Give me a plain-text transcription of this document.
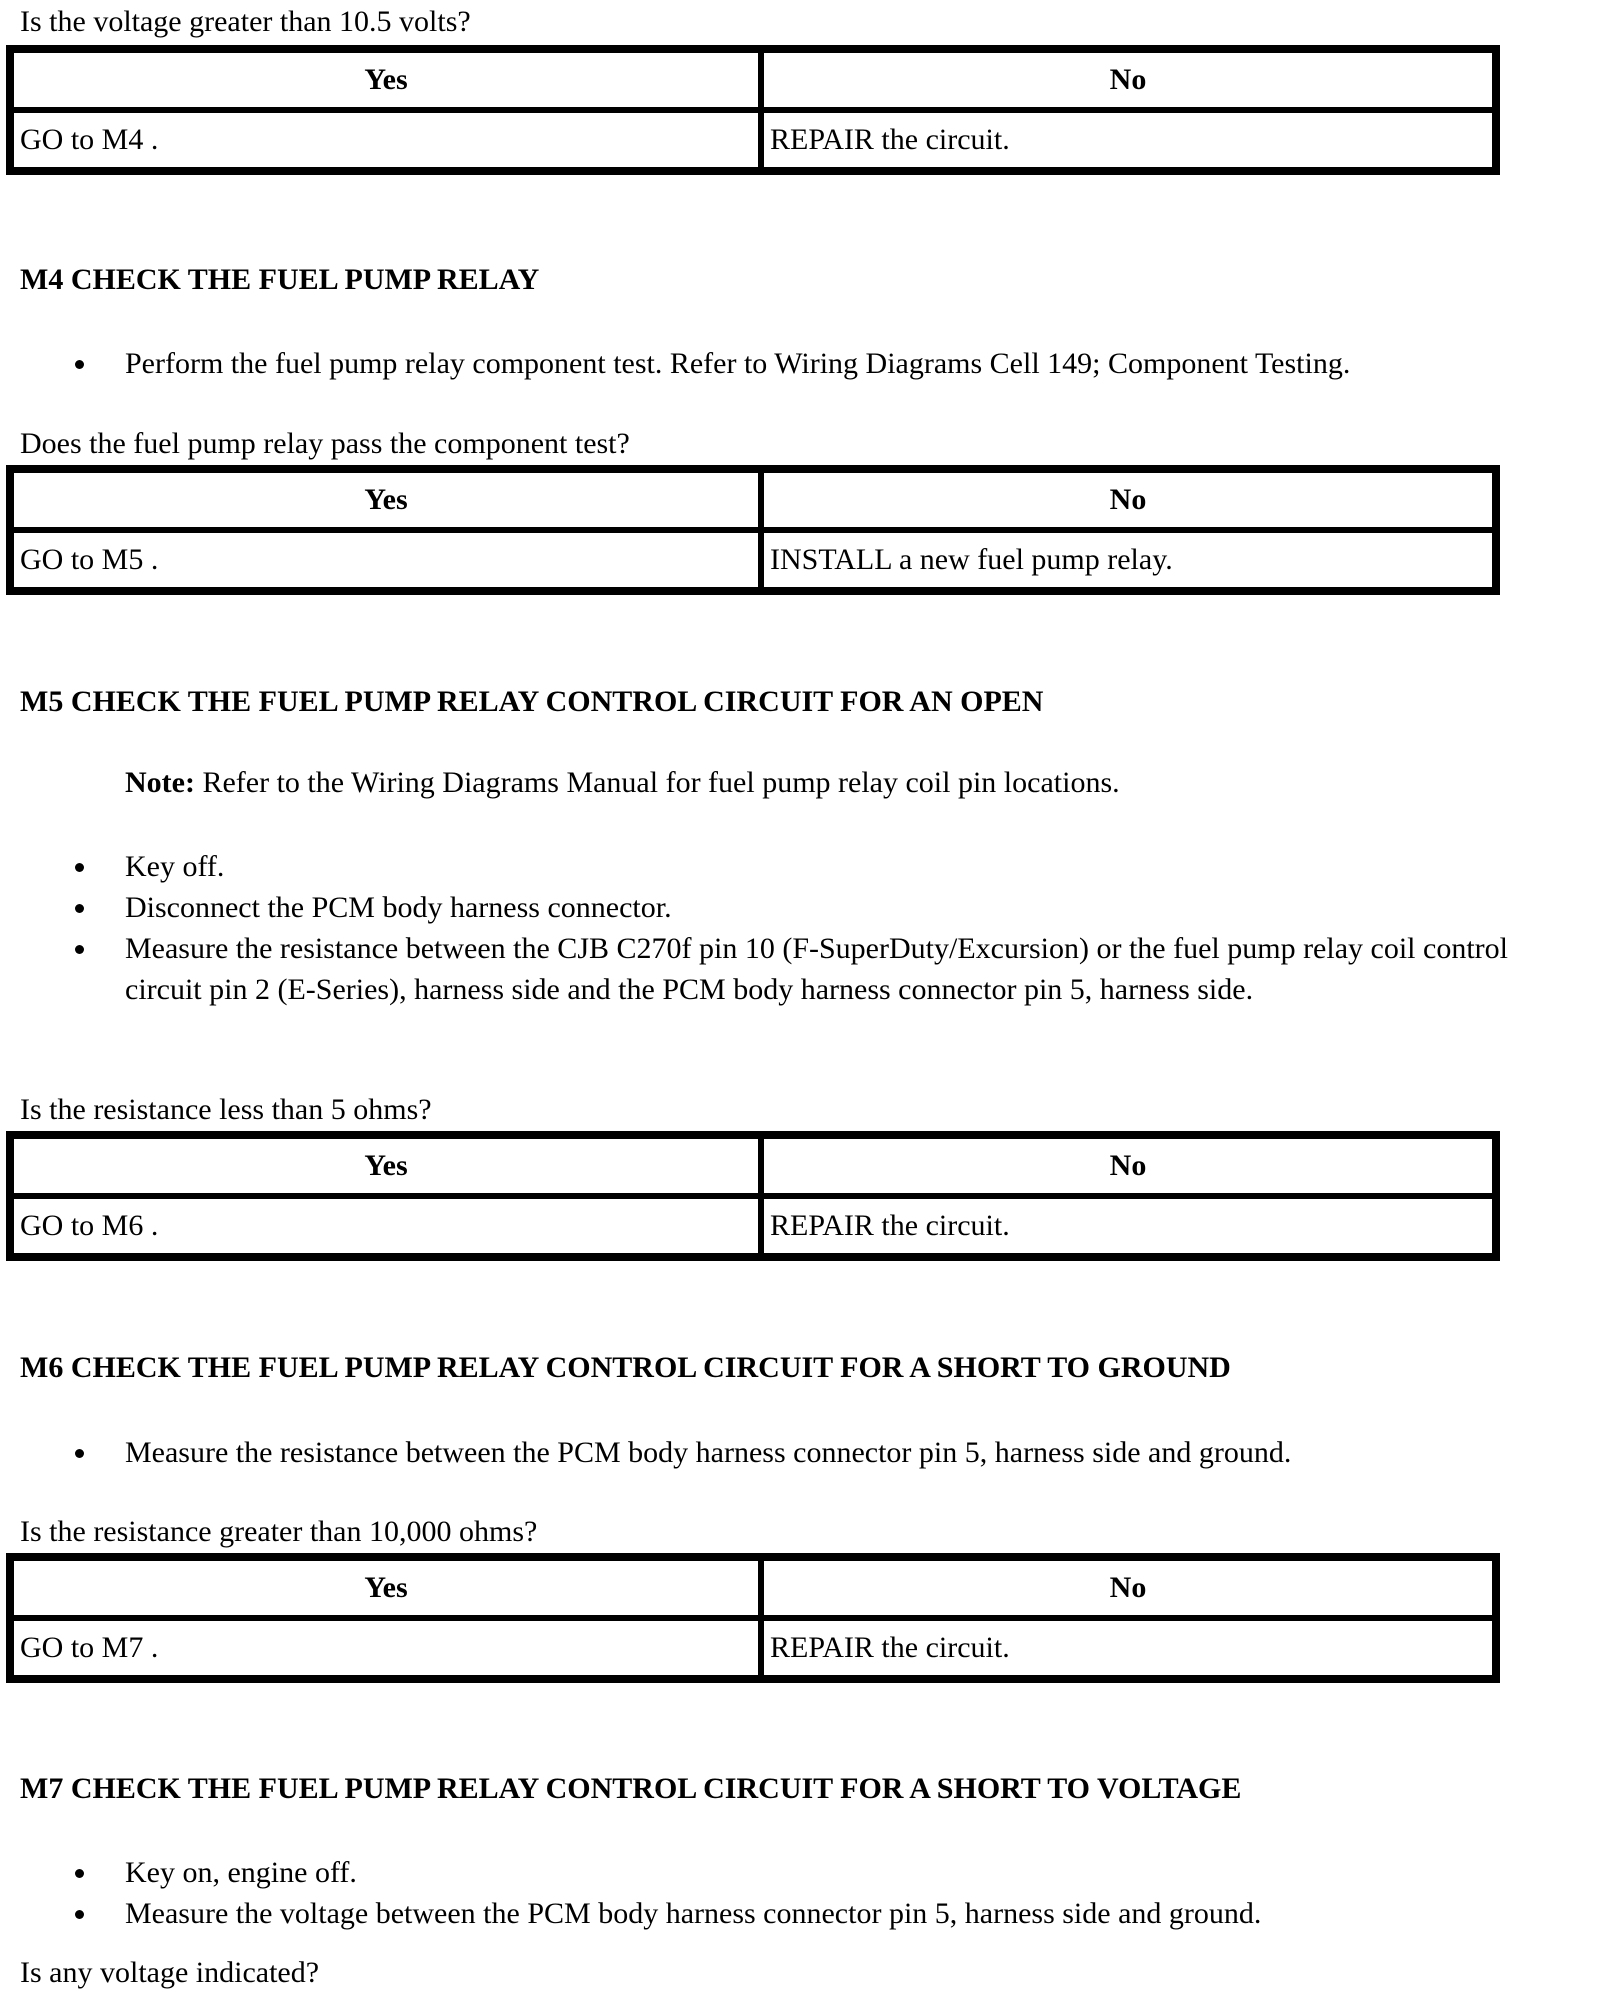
Is the voltage greater than 10.5 volts?
Yes	No
GO to M4 .	REPAIR the circuit.
M4 CHECK THE FUEL PUMP RELAY
Perform the fuel pump relay component test. Refer to Wiring Diagrams Cell 149; Component Testing.
Does the fuel pump relay pass the component test?
Yes	No
GO to M5 .	INSTALL a new fuel pump relay.
M5 CHECK THE FUEL PUMP RELAY CONTROL CIRCUIT FOR AN OPEN
Note: Refer to the Wiring Diagrams Manual for fuel pump relay coil pin locations.
Key off.
Disconnect the PCM body harness connector.
Measure the resistance between the CJB C270f pin 10 (F-SuperDuty/Excursion) or the fuel pump relay coil control circuit pin 2 (E-Series), harness side and the PCM body harness connector pin 5, harness side.
Is the resistance less than 5 ohms?
Yes	No
GO to M6 .	REPAIR the circuit.
M6 CHECK THE FUEL PUMP RELAY CONTROL CIRCUIT FOR A SHORT TO GROUND
Measure the resistance between the PCM body harness connector pin 5, harness side and ground.
Is the resistance greater than 10,000 ohms?
Yes	No
GO to M7 .	REPAIR the circuit.
M7 CHECK THE FUEL PUMP RELAY CONTROL CIRCUIT FOR A SHORT TO VOLTAGE
Key on, engine off.
Measure the voltage between the PCM body harness connector pin 5, harness side and ground.
Is any voltage indicated?
